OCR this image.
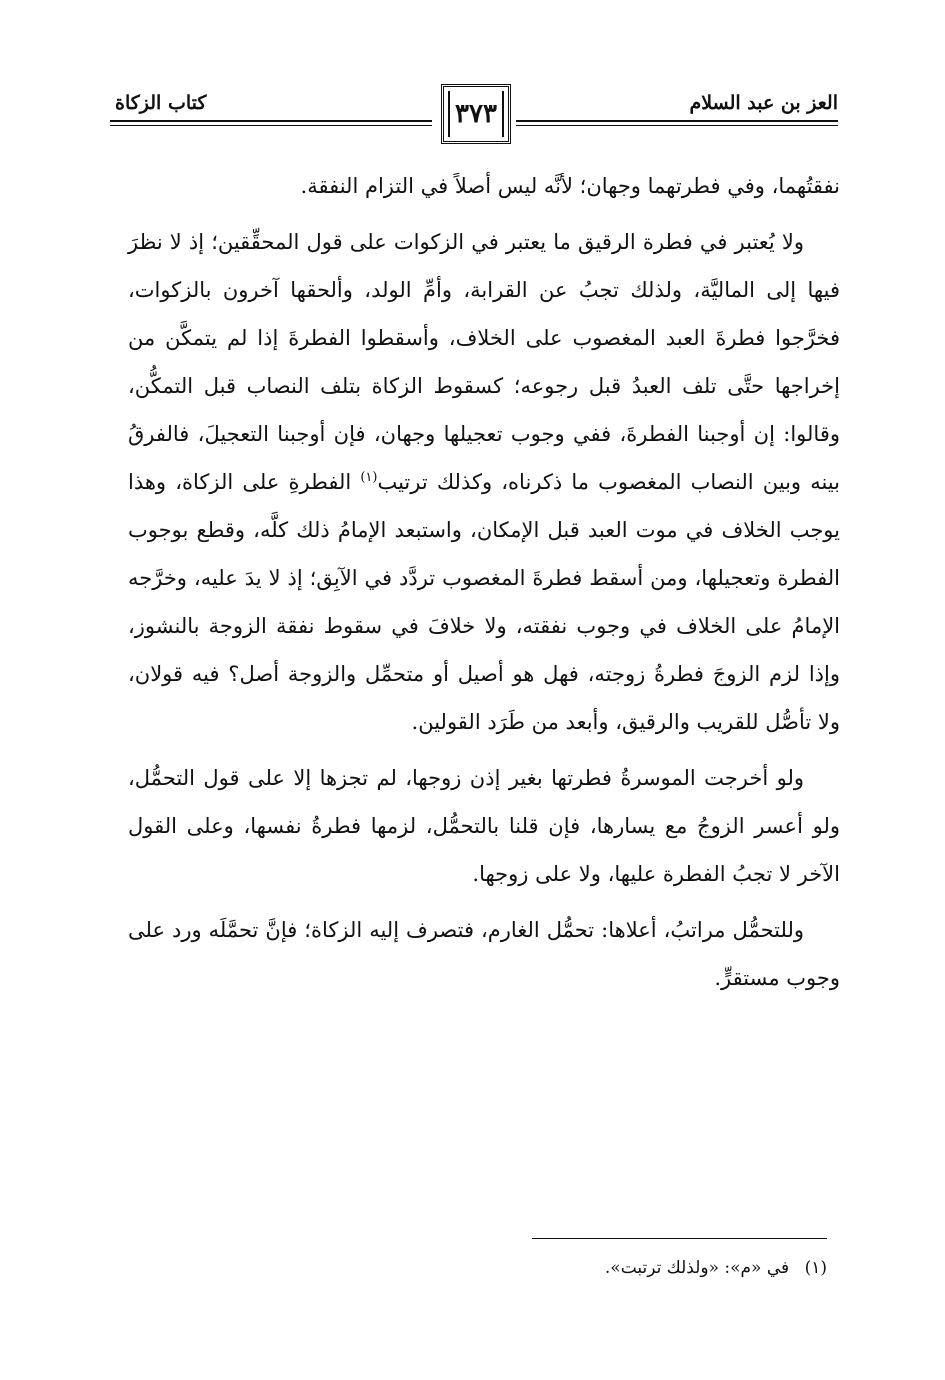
العز بن عبد السلام
٣٧٣
كتاب الزكاة

نفقتُهما، وفي فطرتهما وجهان؛ لأنَّه ليس أصلاً في التزام النفقة.

ولا يُعتبر في فطرة الرقيق ما يعتبر في الزكوات على قول المحقِّقين؛ إذ لا نظرَ فيها إلى الماليَّة، ولذلك تجبُ عن القرابة، وأمِّ الولد، وألحقها آخرون بالزكوات، فخرَّجوا فطرةَ العبد المغصوب على الخلاف، وأسقطوا الفطرةَ إذا لم يتمكَّن من إخراجها حتَّى تلف العبدُ قبل رجوعه؛ كسقوط الزكاة بتلف النصاب قبل التمكُّن، وقالوا: إن أوجبنا الفطرةَ، ففي وجوب تعجيلها وجهان، فإن أوجبنا التعجيلَ، فالفرقُ بينه وبين النصاب المغصوب ما ذكرناه، وكذلك ترتيب$^{(١)}$ الفطرةِ على الزكاة، وهذا يوجب الخلاف في موت العبد قبل الإمكان، واستبعد الإمامُ ذلك كلَّه، وقطع بوجوب الفطرة وتعجيلها، ومن أسقط فطرةَ المغصوب تردَّد في الآبِق؛ إذ لا يدَ عليه، وخرَّجه الإمامُ على الخلاف في وجوب نفقته، ولا خلافَ في سقوط نفقة الزوجة بالنشوز، وإذا لزم الزوجَ فطرةُ زوجته، فهل هو أصيل أو متحمِّل والزوجة أصل؟ فيه قولان، ولا تأصُّل للقريب والرقيق، وأبعد من طَرَد القولين.

ولو أخرجت الموسرةُ فطرتها بغير إذن زوجها، لم تجزها إلا على قول التحمُّل، ولو أعسر الزوجُ مع يسارها، فإن قلنا بالتحمُّل، لزمها فطرةُ نفسها، وعلى القول الآخر لا تجبُ الفطرة عليها، ولا على زوجها.

وللتحمُّل مراتبُ، أعلاها: تحمُّل الغارم، فتصرف إليه الزكاة؛ فإنَّ تحمَّلَه ورد على وجوب مستقرٍّ.

(١) في «م»: «ولذلك ترتبت».
